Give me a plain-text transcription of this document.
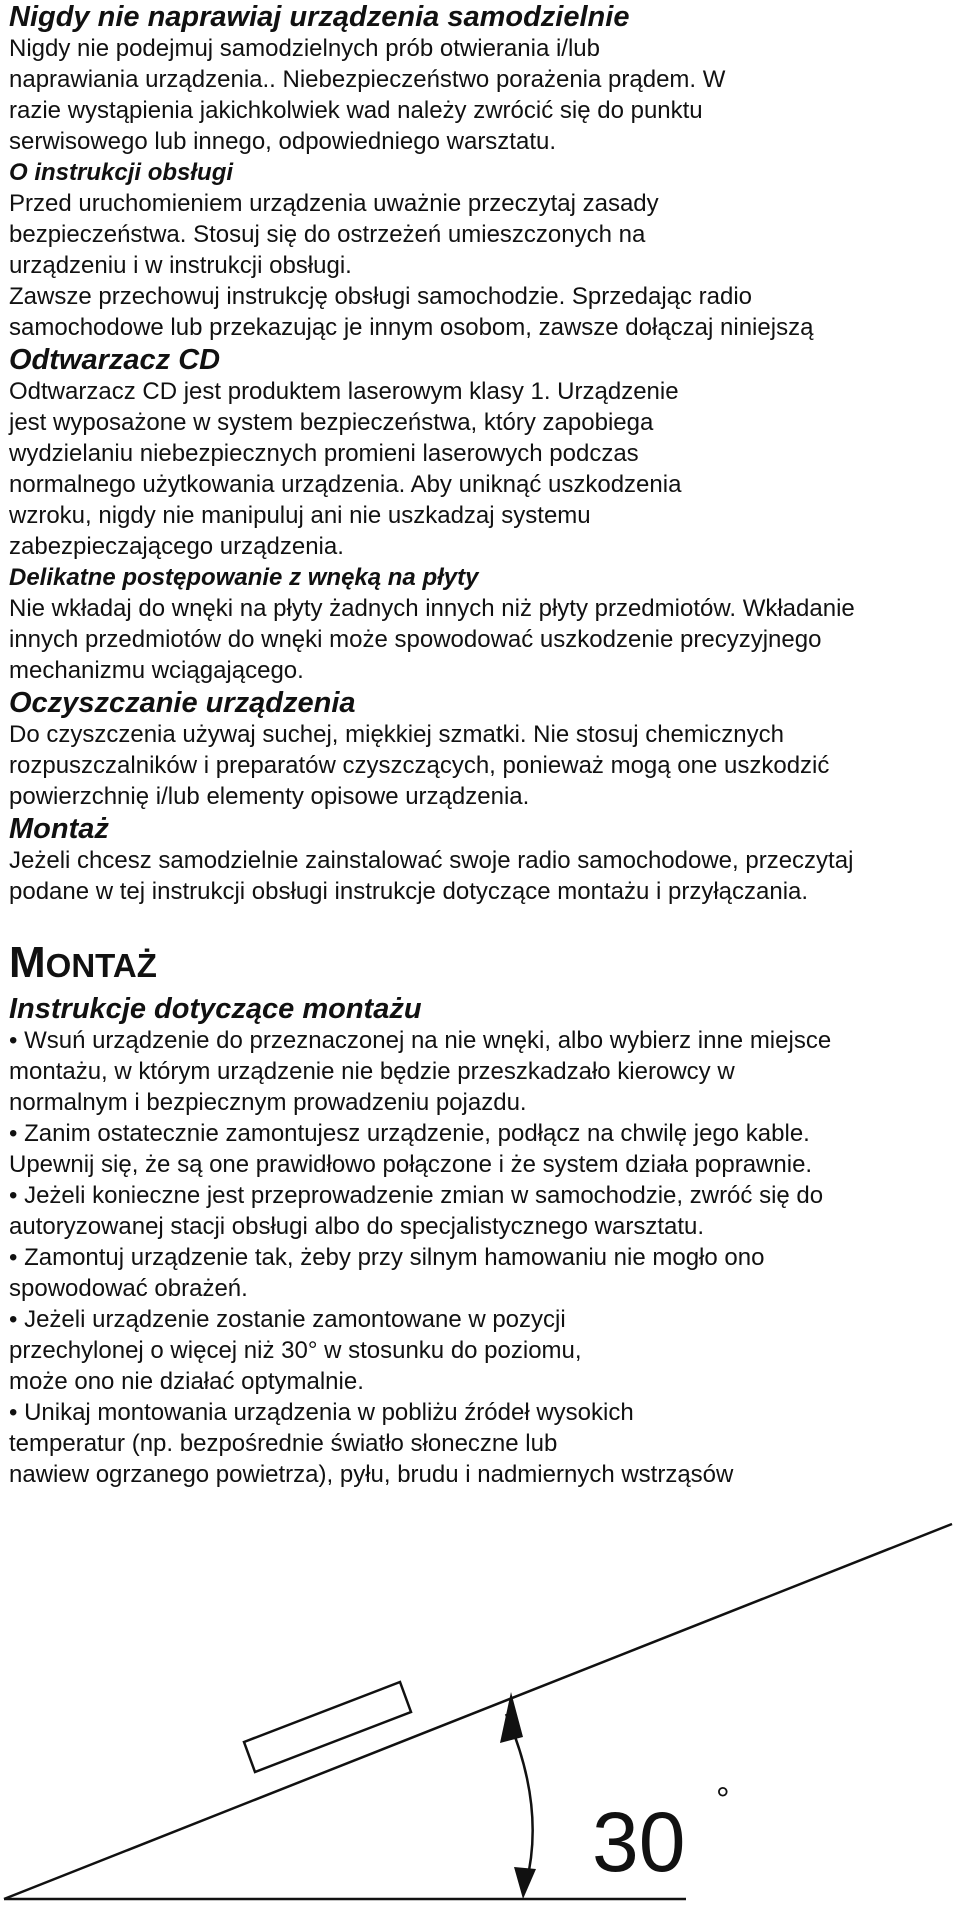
Nigdy nie naprawiaj urządzenia samodzielnie

Nigdy nie podejmuj samodzielnych prób otwierania i/lub
naprawiania urządzenia.. Niebezpieczeństwo porażenia prądem. W
razie wystąpienia jakichkolwiek wad należy zwrócić się do punktu
serwisowego lub innego, odpowiedniego warsztatu.

O instrukcji obsługi

Przed uruchomieniem urządzenia uważnie przeczytaj zasady
bezpieczeństwa. Stosuj się do ostrzeżeń umieszczonych na
urządzeniu i w instrukcji obsługi.
Zawsze przechowuj instrukcję obsługi samochodzie. Sprzedając radio
samochodowe lub przekazując je innym osobom, zawsze dołączaj niniejszą

Odtwarzacz CD

Odtwarzacz CD jest produktem laserowym klasy 1. Urządzenie
jest wyposażone w system bezpieczeństwa, który zapobiega
wydzielaniu niebezpiecznych promieni laserowych podczas
normalnego użytkowania urządzenia. Aby uniknąć uszkodzenia
wzroku, nigdy nie manipuluj ani nie uszkadzaj systemu
zabezpieczającego urządzenia.

Delikatne postępowanie z wnęką na płyty

Nie wkładaj do wnęki na płyty żadnych innych niż płyty przedmiotów. Wkładanie
innych przedmiotów do wnęki może spowodować uszkodzenie precyzyjnego
mechanizmu wciągającego.

Oczyszczanie urządzenia

Do czyszczenia używaj suchej, miękkiej szmatki. Nie stosuj chemicznych
rozpuszczalników i preparatów czyszczących, ponieważ mogą one uszkodzić
powierzchnię i/lub elementy opisowe urządzenia.

Montaż

Jeżeli chcesz samodzielnie zainstalować swoje radio samochodowe, przeczytaj
podane w tej instrukcji obsługi instrukcje dotyczące montażu i przyłączania.

MONTAŻ
Instrukcje dotyczące montażu
• Wsuń urządzenie do przeznaczonej na nie wnęki, albo wybierz inne miejsce
montażu, w którym urządzenie nie będzie przeszkadzało kierowcy w
normalnym i bezpiecznym prowadzeniu pojazdu.
• Zanim ostatecznie zamontujesz urządzenie, podłącz na chwilę jego kable.
Upewnij się, że są one prawidłowo połączone i że system działa poprawnie.
• Jeżeli konieczne jest przeprowadzenie zmian w samochodzie, zwróć się do
autoryzowanej stacji obsługi albo do specjalistycznego warsztatu.
• Zamontuj urządzenie tak, żeby przy silnym hamowaniu nie mogło ono
spowodować obrażeń.
• Jeżeli urządzenie zostanie zamontowane w pozycji
przechylonej o więcej niż 30° w stosunku do poziomu,
może ono nie działać optymalnie.
• Unikaj montowania urządzenia w pobliżu źródeł wysokich
temperatur (np. bezpośrednie światło słoneczne lub
nawiew ogrzanego powietrza), pyłu, brudu i nadmiernych wstrząsów
30 °
